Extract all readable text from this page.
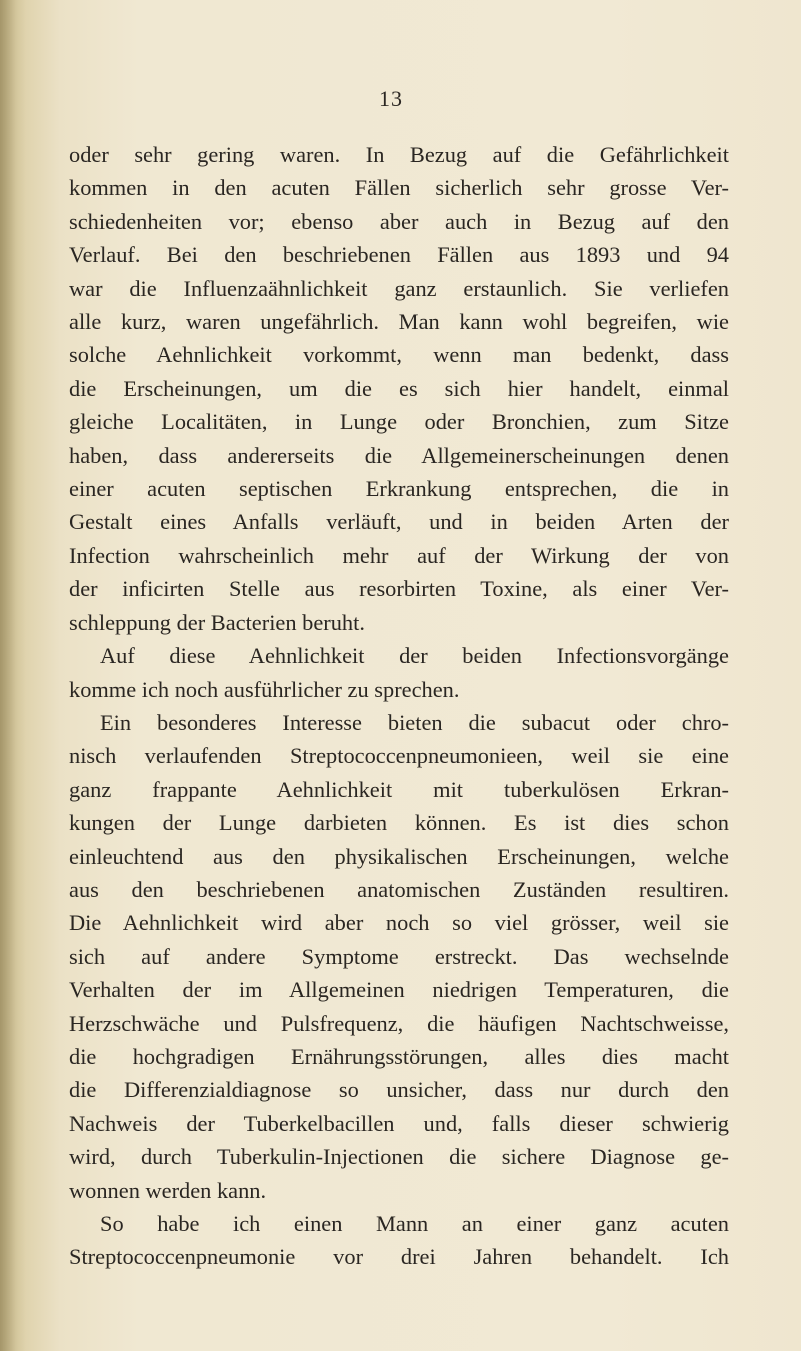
13
oder sehr gering waren. In Bezug auf die Gefährlichkeit
kommen in den acuten Fällen sicherlich sehr grosse Ver-
schiedenheiten vor; ebenso aber auch in Bezug auf den
Verlauf. Bei den beschriebenen Fällen aus 1893 und 94
war die Influenzaähnlichkeit ganz erstaunlich. Sie verliefen
alle kurz, waren ungefährlich. Man kann wohl begreifen, wie
solche Aehnlichkeit vorkommt, wenn man bedenkt, dass
die Erscheinungen, um die es sich hier handelt, einmal
gleiche Localitäten, in Lunge oder Bronchien, zum Sitze
haben, dass andererseits die Allgemeinerscheinungen denen
einer acuten septischen Erkrankung entsprechen, die in
Gestalt eines Anfalls verläuft, und in beiden Arten der
Infection wahrscheinlich mehr auf der Wirkung der von
der inficirten Stelle aus resorbirten Toxine, als einer Ver-
schleppung der Bacterien beruht.
Auf diese Aehnlichkeit der beiden Infectionsvorgänge
komme ich noch ausführlicher zu sprechen.
Ein besonderes Interesse bieten die subacut oder chro-
nisch verlaufenden Streptococcenpneumonieen, weil sie eine
ganz frappante Aehnlichkeit mit tuberkulösen Erkran-
kungen der Lunge darbieten können. Es ist dies schon
einleuchtend aus den physikalischen Erscheinungen, welche
aus den beschriebenen anatomischen Zuständen resultiren.
Die Aehnlichkeit wird aber noch so viel grösser, weil sie
sich auf andere Symptome erstreckt. Das wechselnde
Verhalten der im Allgemeinen niedrigen Temperaturen, die
Herzschwäche und Pulsfrequenz, die häufigen Nachtschweisse,
die hochgradigen Ernährungsstörungen, alles dies macht
die Differenzialdiagnose so unsicher, dass nur durch den
Nachweis der Tuberkelbacillen und, falls dieser schwierig
wird, durch Tuberkulin-Injectionen die sichere Diagnose ge-
wonnen werden kann.
So habe ich einen Mann an einer ganz acuten
Streptococcenpneumonie vor drei Jahren behandelt. Ich
